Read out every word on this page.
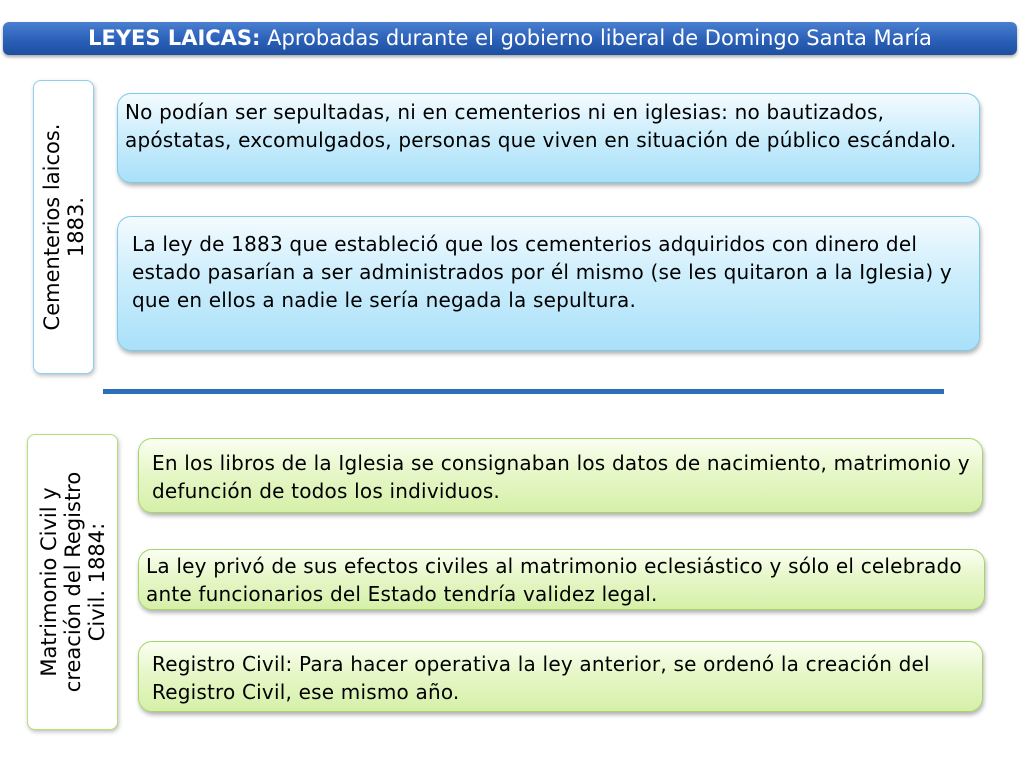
LEYES LAICAS: Aprobadas durante el gobierno liberal de Domingo Santa María
Cementerios laicos. 1883.
No podían ser sepultadas, ni en cementerios ni en iglesias: no bautizados, apóstatas, excomulgados, personas que viven en situación de público escándalo.
La ley de 1883 que estableció que los cementerios adquiridos con dinero del estado pasarían a ser administrados por él mismo (se les quitaron a la Iglesia) y que en ellos a nadie le sería negada la sepultura.
Matrimonio Civil y creación del Registro Civil. 1884:
En los libros de la Iglesia se consignaban los datos de nacimiento, matrimonio y defunción de todos los individuos.
La ley privó de sus efectos civiles al matrimonio eclesiástico y sólo el celebrado ante funcionarios del Estado tendría validez legal.
Registro Civil: Para hacer operativa la ley anterior, se ordenó la creación del Registro Civil, ese mismo año.
